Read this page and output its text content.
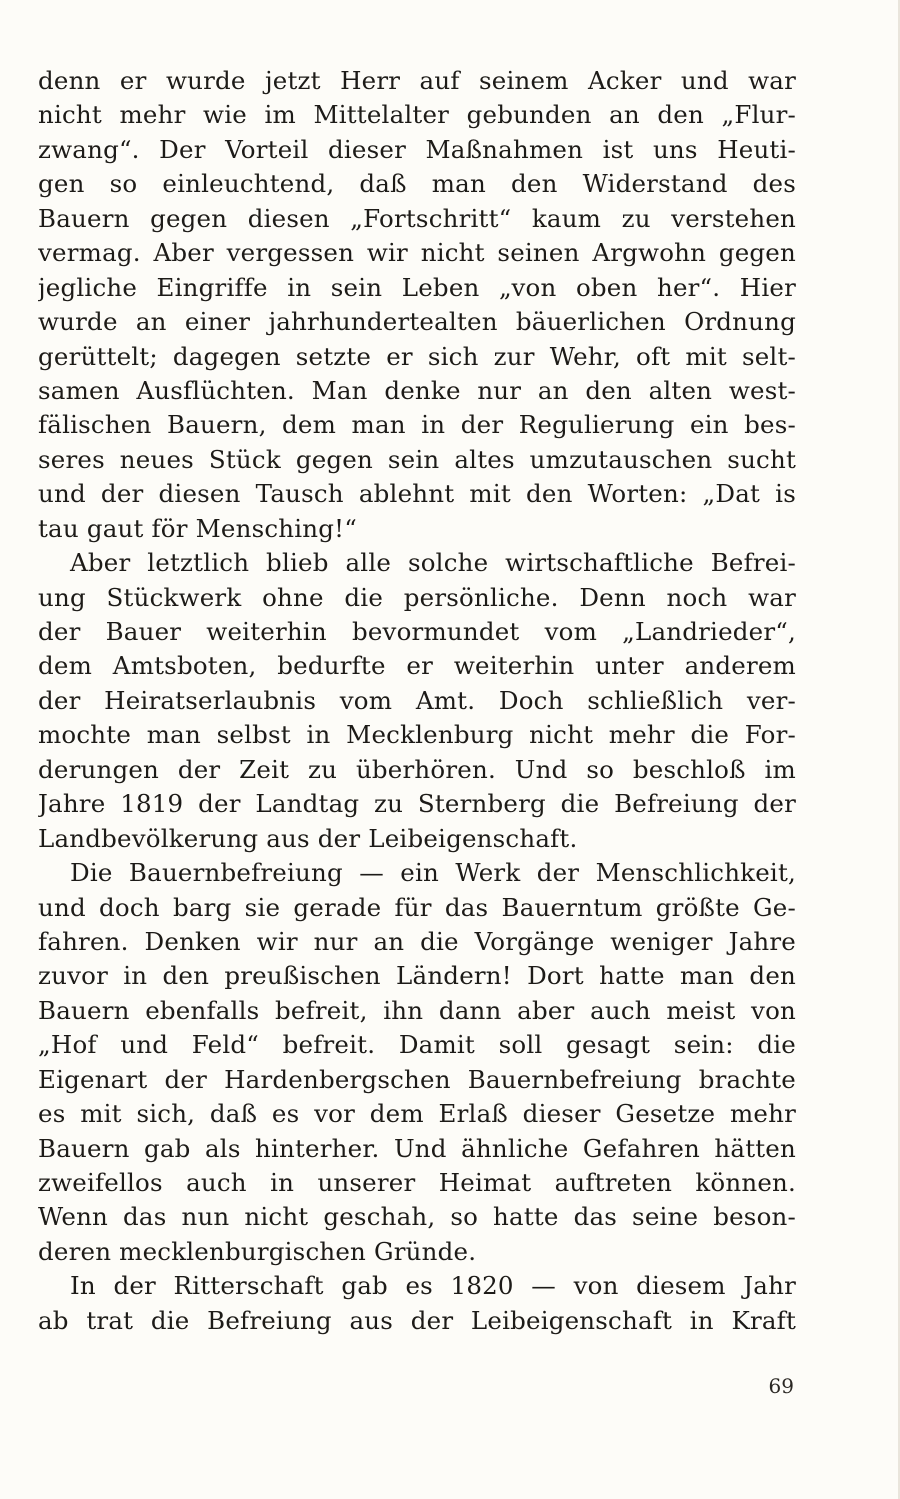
denn er wurde jetzt Herr auf seinem Acker und war
nicht mehr wie im Mittelalter gebunden an den „Flur-
zwang“. Der Vorteil dieser Maßnahmen ist uns Heuti-
gen so einleuchtend, daß man den Widerstand des
Bauern gegen diesen „Fortschritt“ kaum zu verstehen
vermag. Aber vergessen wir nicht seinen Argwohn gegen
jegliche Eingriffe in sein Leben „von oben her“. Hier
wurde an einer jahrhundertealten bäuerlichen Ordnung
gerüttelt; dagegen setzte er sich zur Wehr, oft mit selt-
samen Ausflüchten. Man denke nur an den alten west-
fälischen Bauern, dem man in der Regulierung ein bes-
seres neues Stück gegen sein altes umzutauschen sucht
und der diesen Tausch ablehnt mit den Worten: „Dat is
tau gaut för Mensching!“
Aber letztlich blieb alle solche wirtschaftliche Befrei-
ung Stückwerk ohne die persönliche. Denn noch war
der Bauer weiterhin bevormundet vom „Landrieder“,
dem Amtsboten, bedurfte er weiterhin unter anderem
der Heiratserlaubnis vom Amt. Doch schließlich ver-
mochte man selbst in Mecklenburg nicht mehr die For-
derungen der Zeit zu überhören. Und so beschloß im
Jahre 1819 der Landtag zu Sternberg die Befreiung der
Landbevölkerung aus der Leibeigenschaft.
Die Bauernbefreiung — ein Werk der Menschlichkeit,
und doch barg sie gerade für das Bauerntum größte Ge-
fahren. Denken wir nur an die Vorgänge weniger Jahre
zuvor in den preußischen Ländern! Dort hatte man den
Bauern ebenfalls befreit, ihn dann aber auch meist von
„Hof und Feld“ befreit. Damit soll gesagt sein: die
Eigenart der Hardenbergschen Bauernbefreiung brachte
es mit sich, daß es vor dem Erlaß dieser Gesetze mehr
Bauern gab als hinterher. Und ähnliche Gefahren hätten
zweifellos auch in unserer Heimat auftreten können.
Wenn das nun nicht geschah, so hatte das seine beson-
deren mecklenburgischen Gründe.
In der Ritterschaft gab es 1820 — von diesem Jahr
ab trat die Befreiung aus der Leibeigenschaft in Kraft
69
